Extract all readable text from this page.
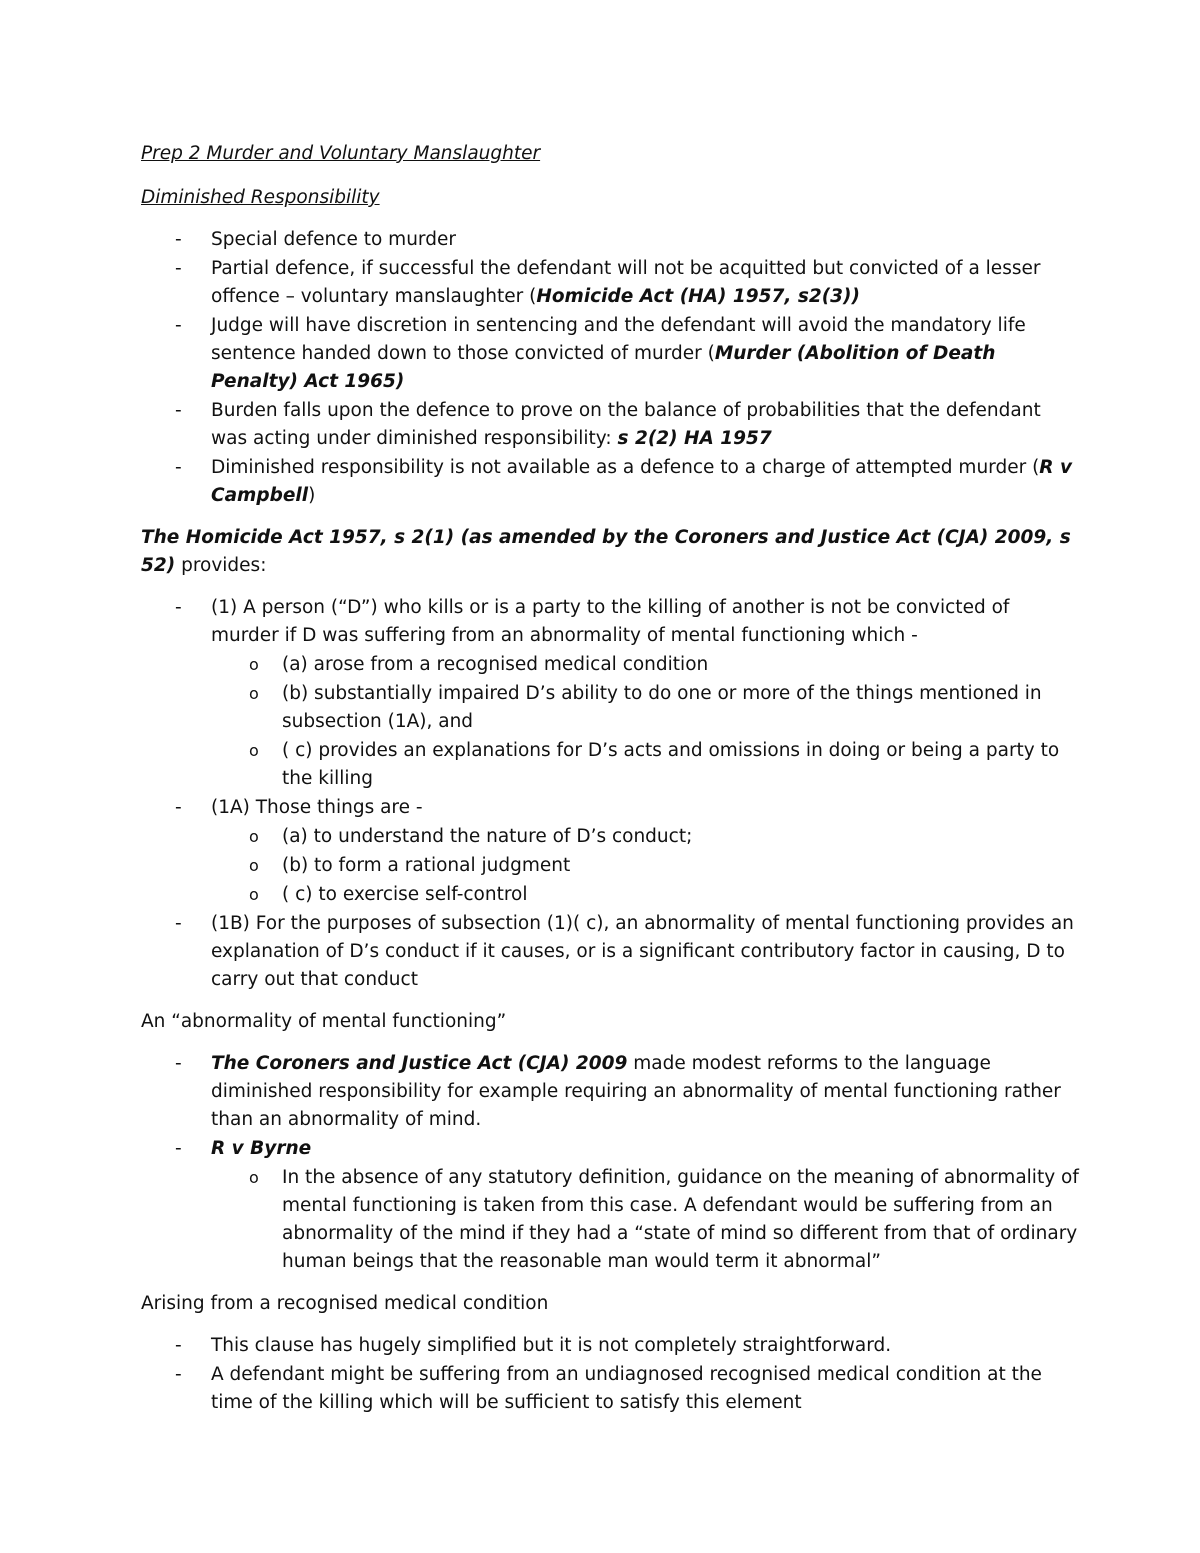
Prep 2 Murder and Voluntary Manslaughter

Diminished Responsibility

- Special defence to murder
- Partial defence, if successful the defendant will not be acquitted but convicted of a lesser offence – voluntary manslaughter (Homicide Act (HA) 1957, s2(3))
- Judge will have discretion in sentencing and the defendant will avoid the mandatory life sentence handed down to those convicted of murder (Murder (Abolition of Death Penalty) Act 1965)
- Burden falls upon the defence to prove on the balance of probabilities that the defendant was acting under diminished responsibility: s 2(2) HA 1957
- Diminished responsibility is not available as a defence to a charge of attempted murder (R v Campbell)

The Homicide Act 1957, s 2(1) (as amended by the Coroners and Justice Act (CJA) 2009, s 52) provides:

- (1) A person (“D”) who kills or is a party to the killing of another is not be convicted of murder if D was suffering from an abnormality of mental functioning which -
o (a) arose from a recognised medical condition
o (b) substantially impaired D’s ability to do one or more of the things mentioned in subsection (1A), and
o ( c) provides an explanations for D’s acts and omissions in doing or being a party to the killing
- (1A) Those things are -
o (a) to understand the nature of D’s conduct;
o (b) to form a rational judgment
o ( c) to exercise self-control
- (1B) For the purposes of subsection (1)( c), an abnormality of mental functioning provides an explanation of D’s conduct if it causes, or is a significant contributory factor in causing, D to carry out that conduct

An “abnormality of mental functioning”

- The Coroners and Justice Act (CJA) 2009 made modest reforms to the language diminished responsibility for example requiring an abnormality of mental functioning rather than an abnormality of mind.
- R v Byrne
o In the absence of any statutory definition, guidance on the meaning of abnormality of mental functioning is taken from this case. A defendant would be suffering from an abnormality of the mind if they had a “state of mind so different from that of ordinary human beings that the reasonable man would term it abnormal”

Arising from a recognised medical condition

- This clause has hugely simplified but it is not completely straightforward.
- A defendant might be suffering from an undiagnosed recognised medical condition at the time of the killing which will be sufficient to satisfy this element
